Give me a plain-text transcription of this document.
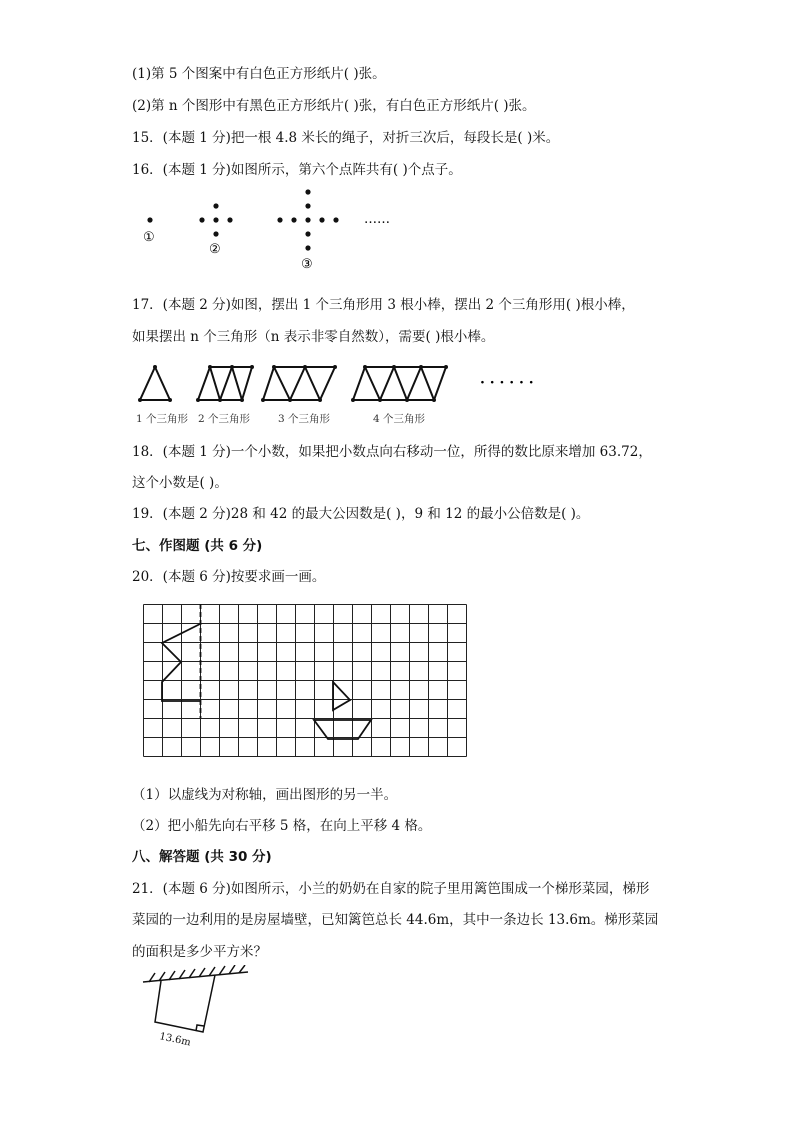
(1)第 5 个图案中有白色正方形纸片( )张。
(2)第 n 个图形中有黑色正方形纸片( )张，有白色正方形纸片( )张。
15．(本题 1 分)把一根 4.8 米长的绳子，对折三次后，每段长是( )米。
16．(本题 1 分)如图所示，第六个点阵共有( )个点子。
①
②
③
……
17．(本题 2 分)如图，摆出 1 个三角形用 3 根小棒，摆出 2 个三角形用( )根小棒，
如果摆出 n 个三角形（n 表示非零自然数），需要( )根小棒。
1 个三角形 2 个三角形	3 个三角形	4 个三角形
· · · · · ·
18．(本题 1 分)一个小数，如果把小数点向右移动一位，所得的数比原来增加 63.72，
这个小数是( )。
19．(本题 2 分)28 和 42 的最大公因数是( )，9 和 12 的最小公倍数是( )。
七、作图题 (共 6 分)
20．(本题 6 分)按要求画一画。
（1）以虚线为对称轴，画出图形的另一半。
（2）把小船先向右平移 5 格，在向上平移 4 格。
八、解答题 (共 30 分)
21．(本题 6 分)如图所示，小兰的奶奶在自家的院子里用篱笆围成一个梯形菜园，梯形
菜园的一边利用的是房屋墙壁，已知篱笆总长 44.6m，其中一条边长 13.6m。梯形菜园
的面积是多少平方米？
13.6m
